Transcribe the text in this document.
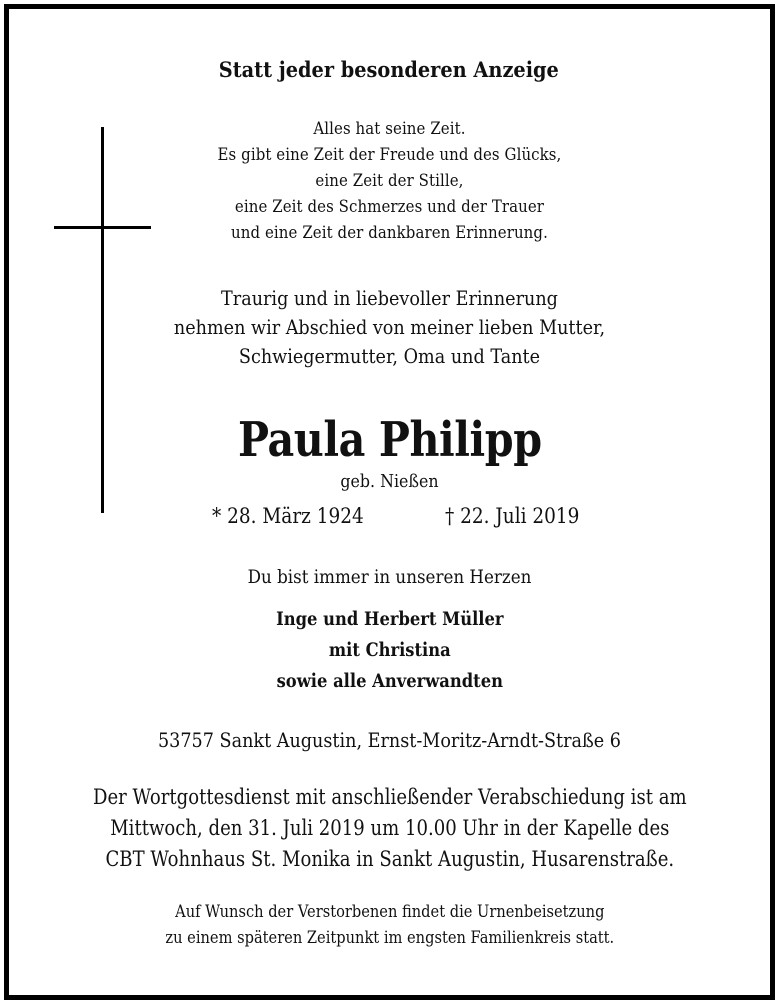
Statt jeder besonderen Anzeige
Alles hat seine Zeit.
Es gibt eine Zeit der Freude und des Glücks,
eine Zeit der Stille,
eine Zeit des Schmerzes und der Trauer
und eine Zeit der dankbaren Erinnerung.
Traurig und in liebevoller Erinnerung
nehmen wir Abschied von meiner lieben Mutter,
Schwiegermutter, Oma und Tante
Paula Philipp
geb. Nießen
* 28. März 1924	† 22. Juli 2019
Du bist immer in unseren Herzen
Inge und Herbert Müller
mit Christina
sowie alle Anverwandten
53757 Sankt Augustin, Ernst-Moritz-Arndt-Straße 6
Der Wortgottesdienst mit anschließender Verabschiedung ist am
Mittwoch, den 31. Juli 2019 um 10.00 Uhr in der Kapelle des
CBT Wohnhaus St. Monika in Sankt Augustin, Husarenstraße.
Auf Wunsch der Verstorbenen findet die Urnenbeisetzung
zu einem späteren Zeitpunkt im engsten Familienkreis statt.
